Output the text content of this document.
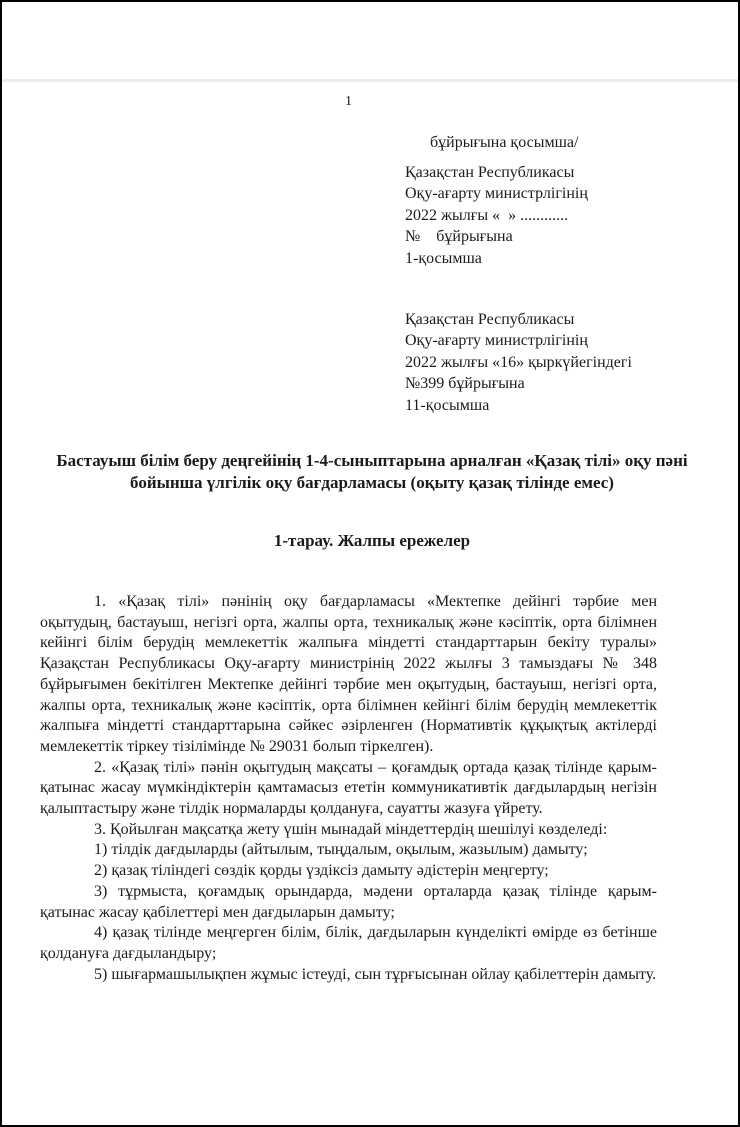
1
бұйрығына қосымша/
Қазақстан Республикасы
Оқу-ағарту министрлігінің
2022 жылғы «  » ............
№    бұйрығына
1-қосымша
Қазақстан Республикасы
Оқу-ағарту министрлігінің
2022 жылғы «16» қыркүйегіндегі
№399 бұйрығына
11-қосымша
Бастауыш білім беру деңгейінің 1-4-сыныптарына арналған «Қазақ тілі» оқу пәні бойынша үлгілік оқу бағдарламасы (оқыту қазақ тілінде емес)
1-тарау. Жалпы ережелер

1. «Қазақ тілі» пәнінің оқу бағдарламасы «Мектепке дейінгі тәрбие мен оқытудың, бастауыш, негізгі орта, жалпы орта, техникалық және кәсіптік, орта білімнен кейінгі білім берудің мемлекеттік жалпыға міндетті стандарттарын бекіту туралы» Қазақстан Республикасы Оқу-ағарту министрінің 2022 жылғы 3 тамыздағы № 348 бұйрығымен бекітілген Мектепке дейінгі тәрбие мен оқытудың, бастауыш, негізгі орта, жалпы орта, техникалық және кәсіптік, орта білімнен кейінгі білім берудің мемлекеттік жалпыға міндетті стандарттарына сәйкес әзірленген (Нормативтік құқықтық актілерді мемлекеттік тіркеу тізілімінде № 29031 болып тіркелген).

2. «Қазақ тілі» пәнін оқытудың мақсаты – қоғамдық ортада қазақ тілінде қарым-қатынас жасау мүмкіндіктерін қамтамасыз ететін коммуникативтік дағдылардың негізін қалыптастыру және тілдік нормаларды қолдануға, сауатты жазуға үйрету.

3. Қойылған мақсатқа жету үшін мынадай міндеттердің шешілуі көзделеді:

1) тілдік дағдыларды (айтылым, тыңдалым, оқылым, жазылым) дамыту;

2) қазақ тіліндегі сөздік қорды үздіксіз дамыту әдістерін меңгерту;

3) тұрмыста, қоғамдық орындарда, мәдени орталарда қазақ тілінде қарым-қатынас жасау қабілеттері мен дағдыларын дамыту;

4) қазақ тілінде меңгерген білім, білік, дағдыларын күнделікті өмірде өз бетінше қолдануға дағдыландыру;

5) шығармашылықпен жұмыс істеуді, сын тұрғысынан ойлау қабілеттерін дамыту.
